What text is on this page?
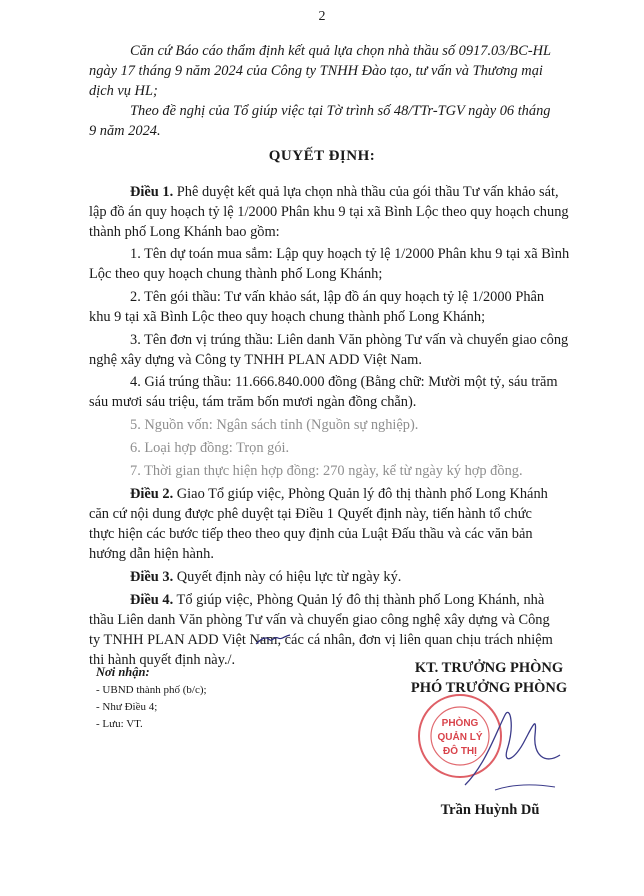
2
Căn cứ Báo cáo thẩm định kết quả lựa chọn nhà thầu số 0917.03/BC-HL
ngày 17 tháng 9 năm 2024 của Công ty TNHH Đào tạo, tư vấn và Thương mại
dịch vụ HL;
Theo đề nghị của Tổ giúp việc tại Tờ trình số 48/TTr-TGV ngày 06 tháng
9 năm 2024.
QUYẾT ĐỊNH:
Điều 1. Phê duyệt kết quả lựa chọn nhà thầu của gói thầu Tư vấn khảo sát,
lập đồ án quy hoạch tỷ lệ 1/2000 Phân khu 9 tại xã Bình Lộc theo quy hoạch chung
thành phố Long Khánh bao gồm:
1. Tên dự toán mua sắm: Lập quy hoạch tỷ lệ 1/2000 Phân khu 9 tại xã Bình
Lộc theo quy hoạch chung thành phố Long Khánh;
2. Tên gói thầu: Tư vấn khảo sát, lập đồ án quy hoạch tỷ lệ 1/2000 Phân
khu 9 tại xã Bình Lộc theo quy hoạch chung thành phố Long Khánh;
3. Tên đơn vị trúng thầu: Liên danh Văn phòng Tư vấn và chuyển giao công
nghệ xây dựng và Công ty TNHH PLAN ADD Việt Nam.
4. Giá trúng thầu: 11.666.840.000 đồng (Bằng chữ: Mười một tỷ, sáu trăm
sáu mươi sáu triệu, tám trăm bốn mươi ngàn đồng chẵn).
5. Nguồn vốn: Ngân sách tỉnh (Nguồn sự nghiệp).
6. Loại hợp đồng: Trọn gói.
7. Thời gian thực hiện hợp đồng: 270 ngày, kể từ ngày ký hợp đồng.
Điều 2. Giao Tổ giúp việc, Phòng Quản lý đô thị thành phố Long Khánh
căn cứ nội dung được phê duyệt tại Điều 1 Quyết định này, tiến hành tổ chức
thực hiện các bước tiếp theo theo quy định của Luật Đấu thầu và các văn bản
hướng dẫn hiện hành.
Điều 3. Quyết định này có hiệu lực từ ngày ký.
Điều 4. Tổ giúp việc, Phòng Quản lý đô thị thành phố Long Khánh, nhà
thầu Liên danh Văn phòng Tư vấn và chuyển giao công nghệ xây dựng và Công
ty TNHH PLAN ADD Việt Nam, các cá nhân, đơn vị liên quan chịu trách nhiệm
thi hành quyết định này./.
Nơi nhận:
- UBND thành phố (b/c);
- Như Điều 4;
- Lưu: VT.
KT. TRƯỞNG PHÒNG
PHÓ TRƯỞNG PHÒNG
PHÒNG
QUẢN LÝ
ĐÔ THỊ
Trần Huỳnh Dũ
